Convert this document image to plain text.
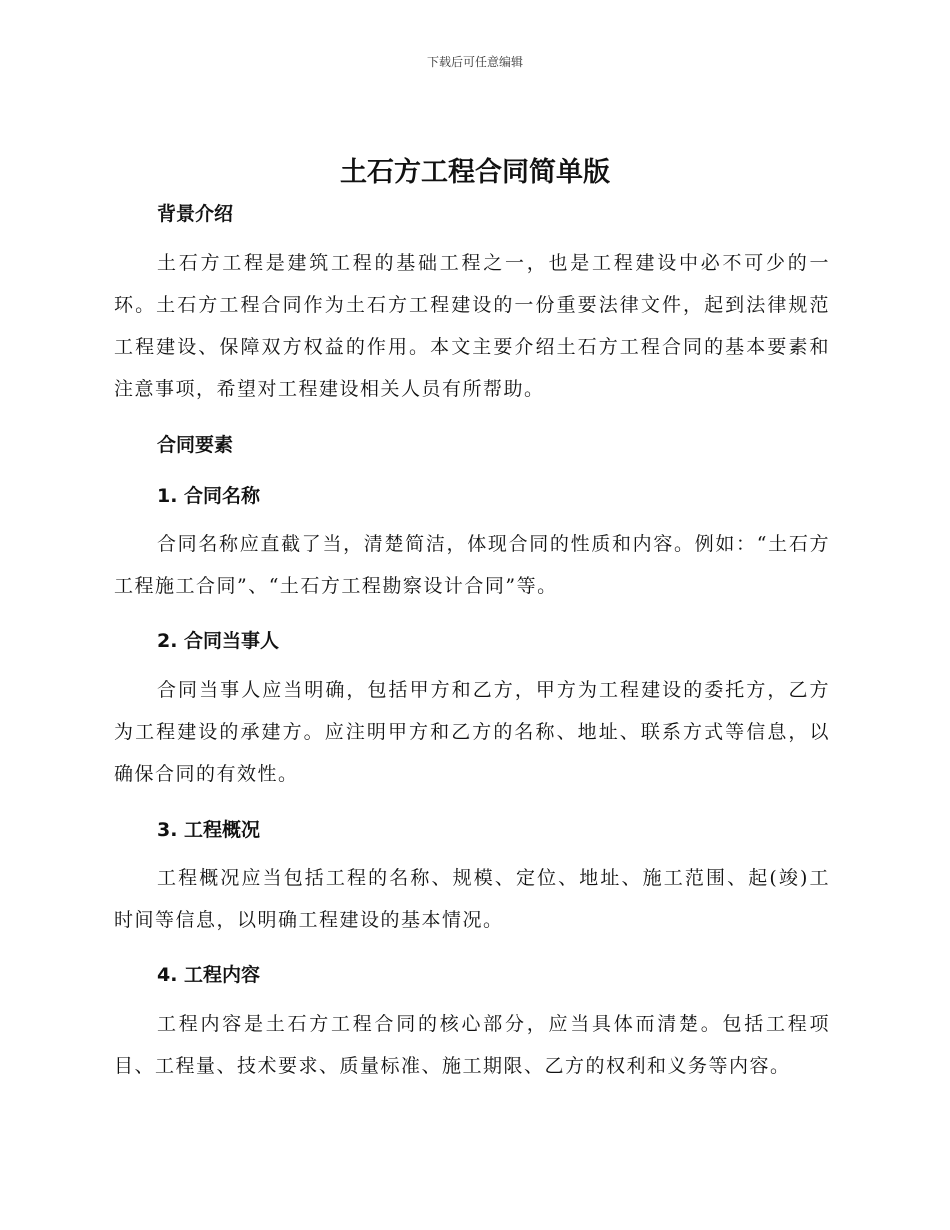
下载后可任意编辑
土石方工程合同简单版
背景介绍
土石方工程是建筑工程的基础工程之一，也是工程建设中必不可少的一环。土石方工程合同作为土石方工程建设的一份重要法律文件，起到法律规范工程建设、保障双方权益的作用。本文主要介绍土石方工程合同的基本要素和注意事项，希望对工程建设相关人员有所帮助。
合同要素
1. 合同名称
合同名称应直截了当，清楚简洁，体现合同的性质和内容。例如：“土石方工程施工合同”、“土石方工程勘察设计合同”等。
2. 合同当事人
合同当事人应当明确，包括甲方和乙方，甲方为工程建设的委托方，乙方为工程建设的承建方。应注明甲方和乙方的名称、地址、联系方式等信息，以确保合同的有效性。
3. 工程概况
工程概况应当包括工程的名称、规模、定位、地址、施工范围、起(竣)工时间等信息，以明确工程建设的基本情况。
4. 工程内容
工程内容是土石方工程合同的核心部分，应当具体而清楚。包括工程项目、工程量、技术要求、质量标准、施工期限、乙方的权利和义务等内容。
